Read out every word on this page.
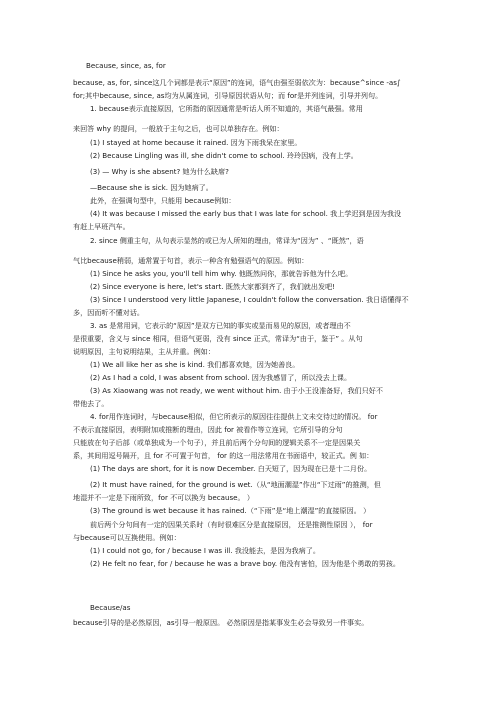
Because, since, as, for
because, as, for, since这几个词都是表示“原因”的连词，语气由强至弱依次为：because^since -as∫
for;其中because, since, as均为从属连词，引导原因状语从句；而 for是并列连词，引导并列句。
1. because表示直接原因，它所指的原因通常是听话人所不知道的，其语气最强。常用
来回答 why 的提问，一般放于主句之后，也可以单独存在。例如：
(1) I stayed at home because it rained. 因为下雨我呆在家里。
(2) Because Lingling was ill, she didn't come to school. 玲玲因病，没有上学。
(3) — Why is she absent? 她为什么缺席?
—Because she is sick. 因为她病了。
此外，在强调句型中，只能用 because例如：
(4) It was because I missed the early bus that I was late for school. 我上学迟到是因为我没
有赶上早班汽车。
2. since 侧重主句，从句表示显然的或已为人所知的理由，常译为“因为” 、“既然”，语
气比because稍弱，通常置于句首，表示一种含有勉强语气的原因。例如：
(1) Since he asks you, you'll tell him why. 他既然问你，那就告诉他为什么吧。
(2) Since everyone is here, let's start. 既然大家都到齐了，我们就出发吧!
(3) Since I understood very little Japanese, I couldn't follow the conversation. 我日语懂得不
多，因而听不懂对话。
3. as 是常用词，它表示的“原因”是双方已知的事实或显而易见的原因，或者理由不
是很重要，含义与 since 相同，但语气更弱，没有 since 正式，常译为“由于，鉴于” 。从句
说明原因，主句说明结果，主从并重。例如：
(1) We all like her as she is kind. 我们都喜欢她，因为她善良。
(2) As I had a cold, I was absent from school. 因为我感冒了，所以没去上课。
(3) As Xiaowang was not ready, we went without him. 由于小王没准备好，我们只好不
带他去了。
4. for用作连词时，与because相似，但它所表示的原因往往提供上文未交待过的情况。 for
不表示直接原因，表明附加或推断的理由，因此 for 被看作等立连词，它所引导的分句
只能放在句子后部（或单独成为一个句子），并且前后两个分句间的逻辑关系不一定是因果关
系，其间用逗号隔开，且 for 不可置于句首， for 的这一用法常用在书面语中，较正式。例 如：
(1) The days are short, for it is now December. 白天短了，因为现在已是十二月份。
(2) It must have rained, for the ground is wet.（从“地面潮湿”作出“下过雨”的推测，但
地湿并不一定是下雨所致，for 不可以换为 because。 ）
(3) The ground is wet because it has rained.（“下雨”是“地上潮湿”的直接原因。 ）
前后两个分句间有一定的因果关系时（有时很难区分是直接原因， 还是推测性原因 ）， for
与because可以互换使用。例如：
(1) I could not go, for / because I was ill. 我没能去，是因为我病了。
(2) He felt no fear, for / because he was a brave boy. 他没有害怕，因为他是个勇敢的男孩。
Because/as
because引导的是必然原因，as引导一般原因。 必然原因是指某事发生必会导致另一件事实。
